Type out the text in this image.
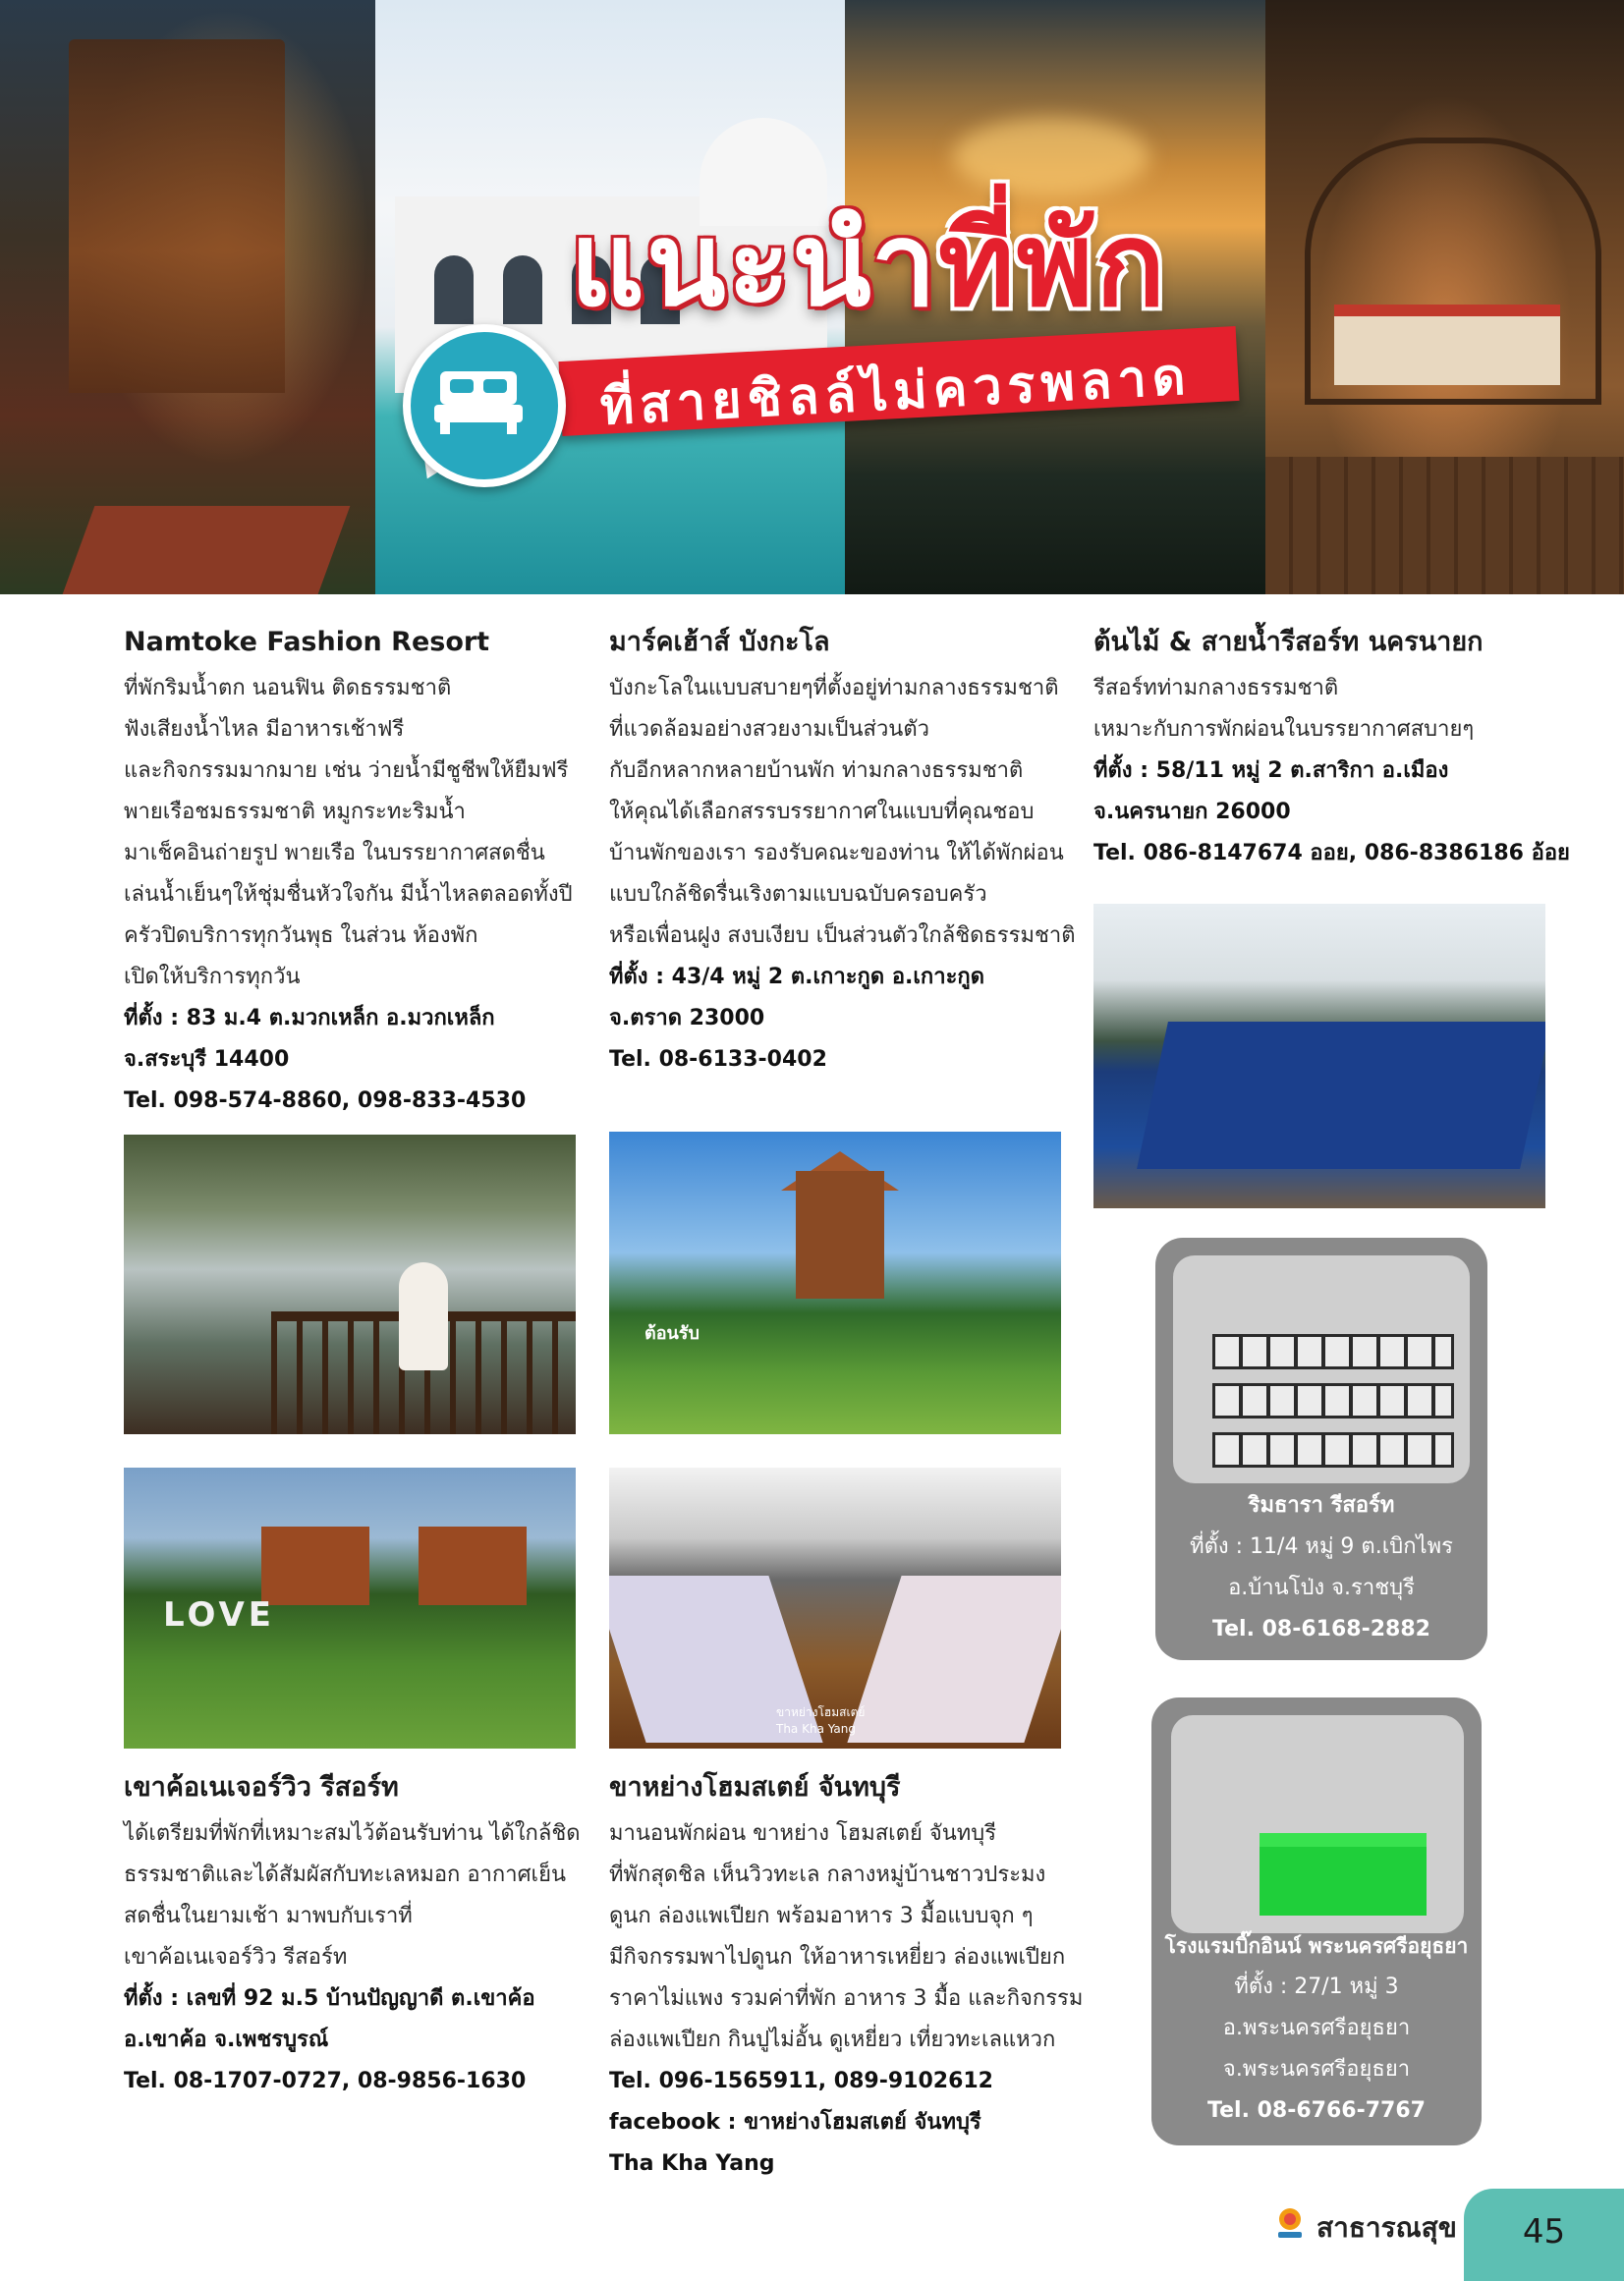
ที่สายชิลล์ไม่ควรพลาด
แนะนำที่พัก
Namtoke Fashion Resort

ที่พักริมน้ำตก นอนฟิน ติดธรรมชาติ

ฟังเสียงน้ำไหล มีอาหารเช้าฟรี

และกิจกรรมมากมาย เช่น ว่ายน้ำมีชูชีพให้ยืมฟรี

พายเรือชมธรรมชาติ หมูกระทะริมน้ำ

มาเช็คอินถ่ายรูป พายเรือ ในบรรยากาศสดชื่น

เล่นน้ำเย็นๆให้ชุ่มชื่นหัวใจกัน มีน้ำไหลตลอดทั้งปี

ครัวปิดบริการทุกวันพุธ ในส่วน ห้องพัก

เปิดให้บริการทุกวัน

ที่ตั้ง : 83 ม.4 ต.มวกเหล็ก อ.มวกเหล็ก

จ.สระบุรี 14400

Tel. 098-574-8860, 098-833-4530

LOVE
เขาค้อเนเจอร์วิว รีสอร์ท

ได้เตรียมที่พักที่เหมาะสมไว้ต้อนรับท่าน ได้ใกล้ชิด

ธรรมชาติและได้สัมผัสกับทะเลหมอก อากาศเย็น

สดชื่นในยามเช้า มาพบกับเราที่

เขาค้อเนเจอร์วิว รีสอร์ท

ที่ตั้ง : เลขที่ 92 ม.5 บ้านปัญญาดี ต.เขาค้อ

อ.เขาค้อ จ.เพชรบูรณ์

Tel. 08-1707-0727, 08-9856-1630

มาร์คเฮ้าส์ บังกะโล

บังกะโลในแบบสบายๆที่ตั้งอยู่ท่ามกลางธรรมชาติ

ที่แวดล้อมอย่างสวยงามเป็นส่วนตัว

กับอีกหลากหลายบ้านพัก ท่ามกลางธรรมชาติ

ให้คุณได้เลือกสรรบรรยากาศในแบบที่คุณชอบ

บ้านพักของเรา รองรับคณะของท่าน ให้ได้พักผ่อน

แบบใกล้ชิดรื่นเริงตามแบบฉบับครอบครัว

หรือเพื่อนฝูง สงบเงียบ เป็นส่วนตัวใกล้ชิดธรรมชาติ

ที่ตั้ง : 43/4 หมู่ 2 ต.เกาะกูด อ.เกาะกูด

จ.ตราด 23000

Tel. 08-6133-0402

ต้อนรับ
ขาหย่างโฮมสเตย์
Tha Kha Yang
ขาหย่างโฮมสเตย์ จันทบุรี

มานอนพักผ่อน ขาหย่าง โฮมสเตย์ จันทบุรี

ที่พักสุดชิล เห็นวิวทะเล กลางหมู่บ้านชาวประมง

ดูนก ล่องแพเปียก พร้อมอาหาร 3 มื้อแบบจุก ๆ

มีกิจกรรมพาไปดูนก ให้อาหารเหยี่ยว ล่องแพเปียก

ราคาไม่แพง รวมค่าที่พัก อาหาร 3 มื้อ และกิจกรรม

ล่องแพเปียก กินปูไม่อั้น ดูเหยี่ยว เที่ยวทะเลแหวก

Tel. 096-1565911, 089-9102612

facebook : ขาหย่างโฮมสเตย์ จันทบุรี

Tha Kha Yang

ต้นไม้ & สายน้ำรีสอร์ท นครนายก

รีสอร์ทท่ามกลางธรรมชาติ

เหมาะกับการพักผ่อนในบรรยากาศสบายๆ

ที่ตั้ง : 58/11 หมู่ 2 ต.สาริกา อ.เมือง

จ.นครนายก 26000

Tel. 086-8147674 ออย, 086-8386186 อ้อย

ริมธารา รีสอร์ท

ที่ตั้ง : 11/4 หมู่ 9 ต.เบิกไพร

อ.บ้านโป่ง จ.ราชบุรี

Tel. 08-6168-2882

โรงแรมบิ๊กอินน์ พระนครศรีอยุธยา

ที่ตั้ง : 27/1 หมู่ 3

อ.พระนครศรีอยุธยา

จ.พระนครศรีอยุธยา

Tel. 08-6766-7767

สาธารณสุข	45
